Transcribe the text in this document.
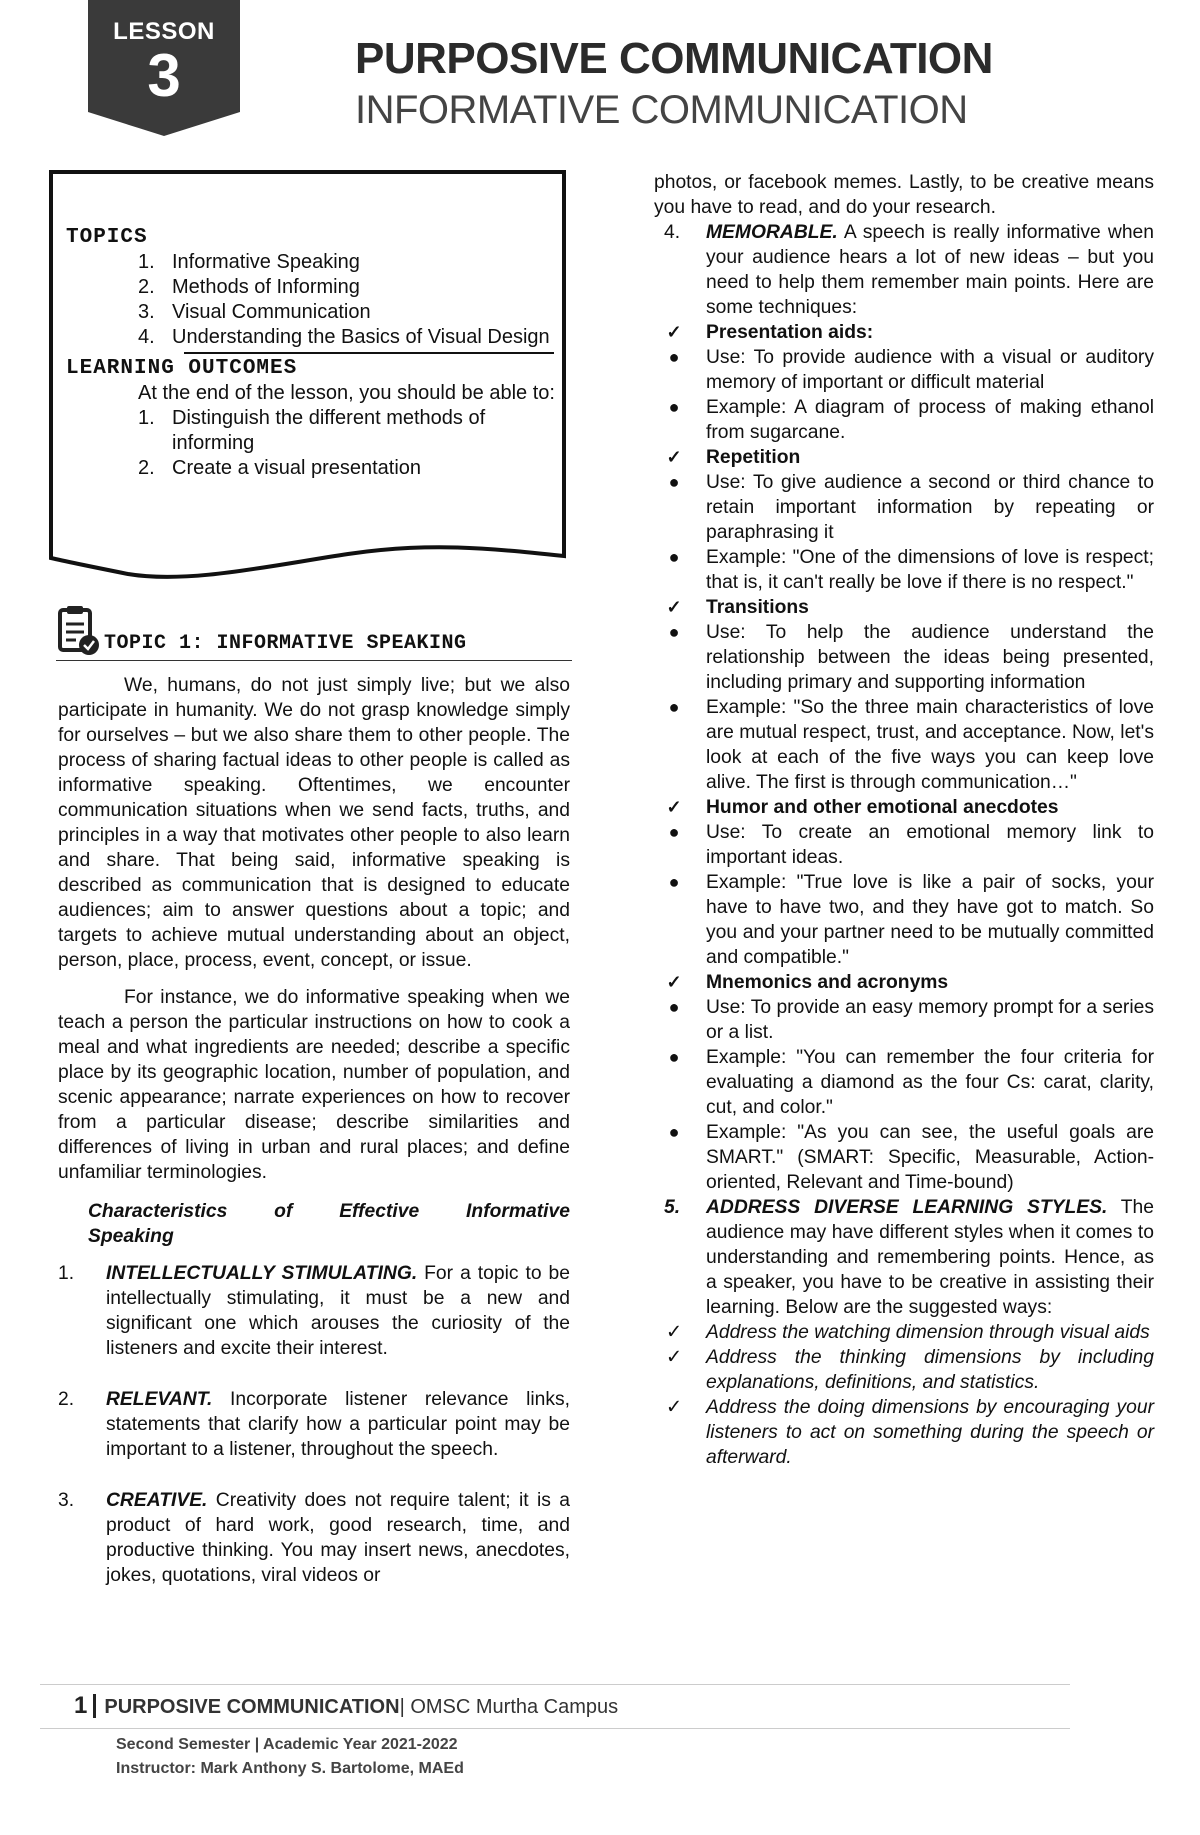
LESSON
3	PURPOSIVE COMMUNICATION
INFORMATIVE COMMUNICATION
TOPICS
1. Informative Speaking
2. Methods of Informing
3. Visual Communication
4. Understanding the Basics of Visual Design
LEARNING OUTCOMES
At the end of the lesson, you should be able to:
1. Distinguish the different methods of informing
2. Create a visual presentation
TOPIC 1: INFORMATIVE SPEAKING

We, humans, do not just simply live; but we also participate in humanity. We do not grasp knowledge simply for ourselves – but we also share them to other people. The process of sharing factual ideas to other people is called as informative speaking. Oftentimes, we encounter communication situations when we send facts, truths, and principles in a way that motivates other people to also learn and share. That being said, informative speaking is described as communication that is designed to educate audiences; aim to answer questions about a topic; and targets to achieve mutual understanding about an object, person, place, process, event, concept, or issue.

For instance, we do informative speaking when we teach a person the particular instructions on how to cook a meal and what ingredients are needed; describe a specific place by its geographic location, number of population, and scenic appearance; narrate experiences on how to recover from a particular disease; describe similarities and differences of living in urban and rural places; and define unfamiliar terminologies.

Characteristics of Effective Informative
Speaking
1. INTELLECTUALLY STIMULATING. For a topic to be intellectually stimulating, it must be a new and significant one which arouses the curiosity of the listeners and excite their interest.
2. RELEVANT. Incorporate listener relevance links, statements that clarify how a particular point may be important to a listener, throughout the speech.
3. CREATIVE. Creativity does not require talent; it is a product of hard work, good research, time, and productive thinking. You may insert news, anecdotes, jokes, quotations, viral videos or

photos, or facebook memes. Lastly, to be creative means you have to read, and do your research.

4. MEMORABLE. A speech is really informative when your audience hears a lot of new ideas – but you need to help them remember main points. Here are some techniques:
✓	Presentation aids:
●	Use: To provide audience with a visual or auditory memory of important or difficult material
●	Example: A diagram of process of making ethanol from sugarcane.
✓	Repetition
●	Use: To give audience a second or third chance to retain important information by repeating or paraphrasing it
●	Example: "One of the dimensions of love is respect; that is, it can't really be love if there is no respect."
✓	Transitions
●	Use: To help the audience understand the relationship between the ideas being presented, including primary and supporting information
●	Example: "So the three main characteristics of love are mutual respect, trust, and acceptance. Now, let's look at each of the five ways you can keep love alive. The first is through communication…"
✓	Humor and other emotional anecdotes
●	Use: To create an emotional memory link to important ideas.
●	Example: "True love is like a pair of socks, your have to have two, and they have got to match. So you and your partner need to be mutually committed and compatible."
✓	Mnemonics and acronyms
●	Use: To provide an easy memory prompt for a series or a list.
●	Example: "You can remember the four criteria for evaluating a diamond as the four Cs: carat, clarity, cut, and color."
●	Example: "As you can see, the useful goals are SMART." (SMART: Specific, Measurable, Action-oriented, Relevant and Time-bound)
5. ADDRESS DIVERSE LEARNING STYLES. The audience may have different styles when it comes to understanding and remembering points. Hence, as a speaker, you have to be creative in assisting their learning. Below are the suggested ways:
✓	Address the watching dimension through visual aids
✓	Address the thinking dimensions by including explanations, definitions, and statistics.
✓	Address the doing dimensions by encouraging your listeners to act on something during the speech or afterward.
1 PURPOSIVE COMMUNICATION| OMSC Murtha Campus
Second Semester | Academic Year 2021-2022
Instructor: Mark Anthony S. Bartolome, MAEd
